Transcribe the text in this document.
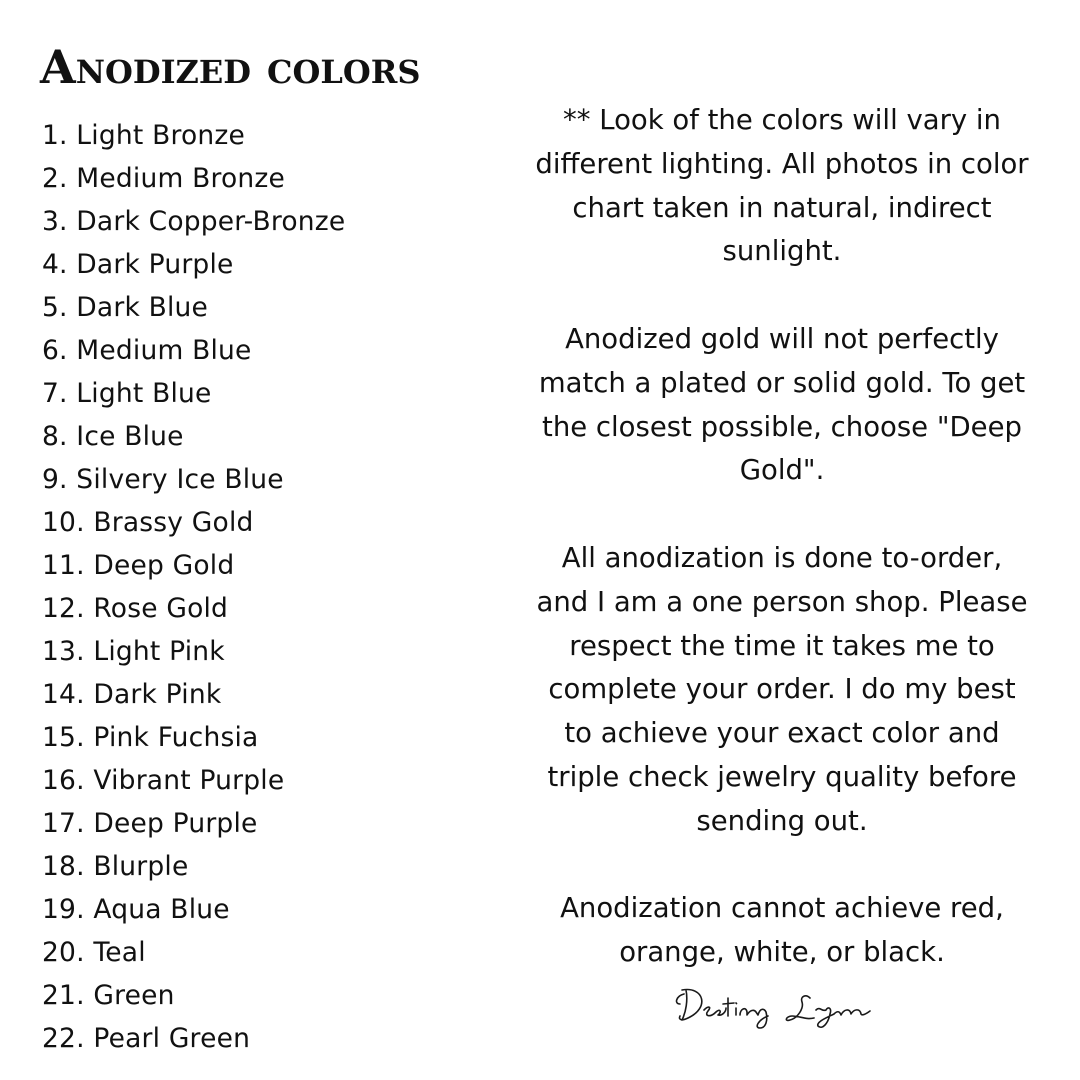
Anodized colors
1. Light Bronze
2. Medium Bronze
3. Dark Copper-Bronze
4. Dark Purple
5. Dark Blue
6. Medium Blue
7. Light Blue
8. Ice Blue
9. Silvery Ice Blue
10. Brassy Gold
11. Deep Gold
12. Rose Gold
13. Light Pink
14. Dark Pink
15. Pink Fuchsia
16. Vibrant Purple
17. Deep Purple
18. Blurple
19. Aqua Blue
20. Teal
21. Green
22. Pearl Green

** Look of the colors will vary in different lighting. All photos in color chart taken in natural, indirect sunlight.

Anodized gold will not perfectly match a plated or solid gold. To get the closest possible, choose "Deep Gold".

All anodization is done to-order, and I am a one person shop. Please respect the time it takes me to complete your order. I do my best to achieve your exact color and triple check jewelry quality before sending out.

Anodization cannot achieve red, orange, white, or black.
